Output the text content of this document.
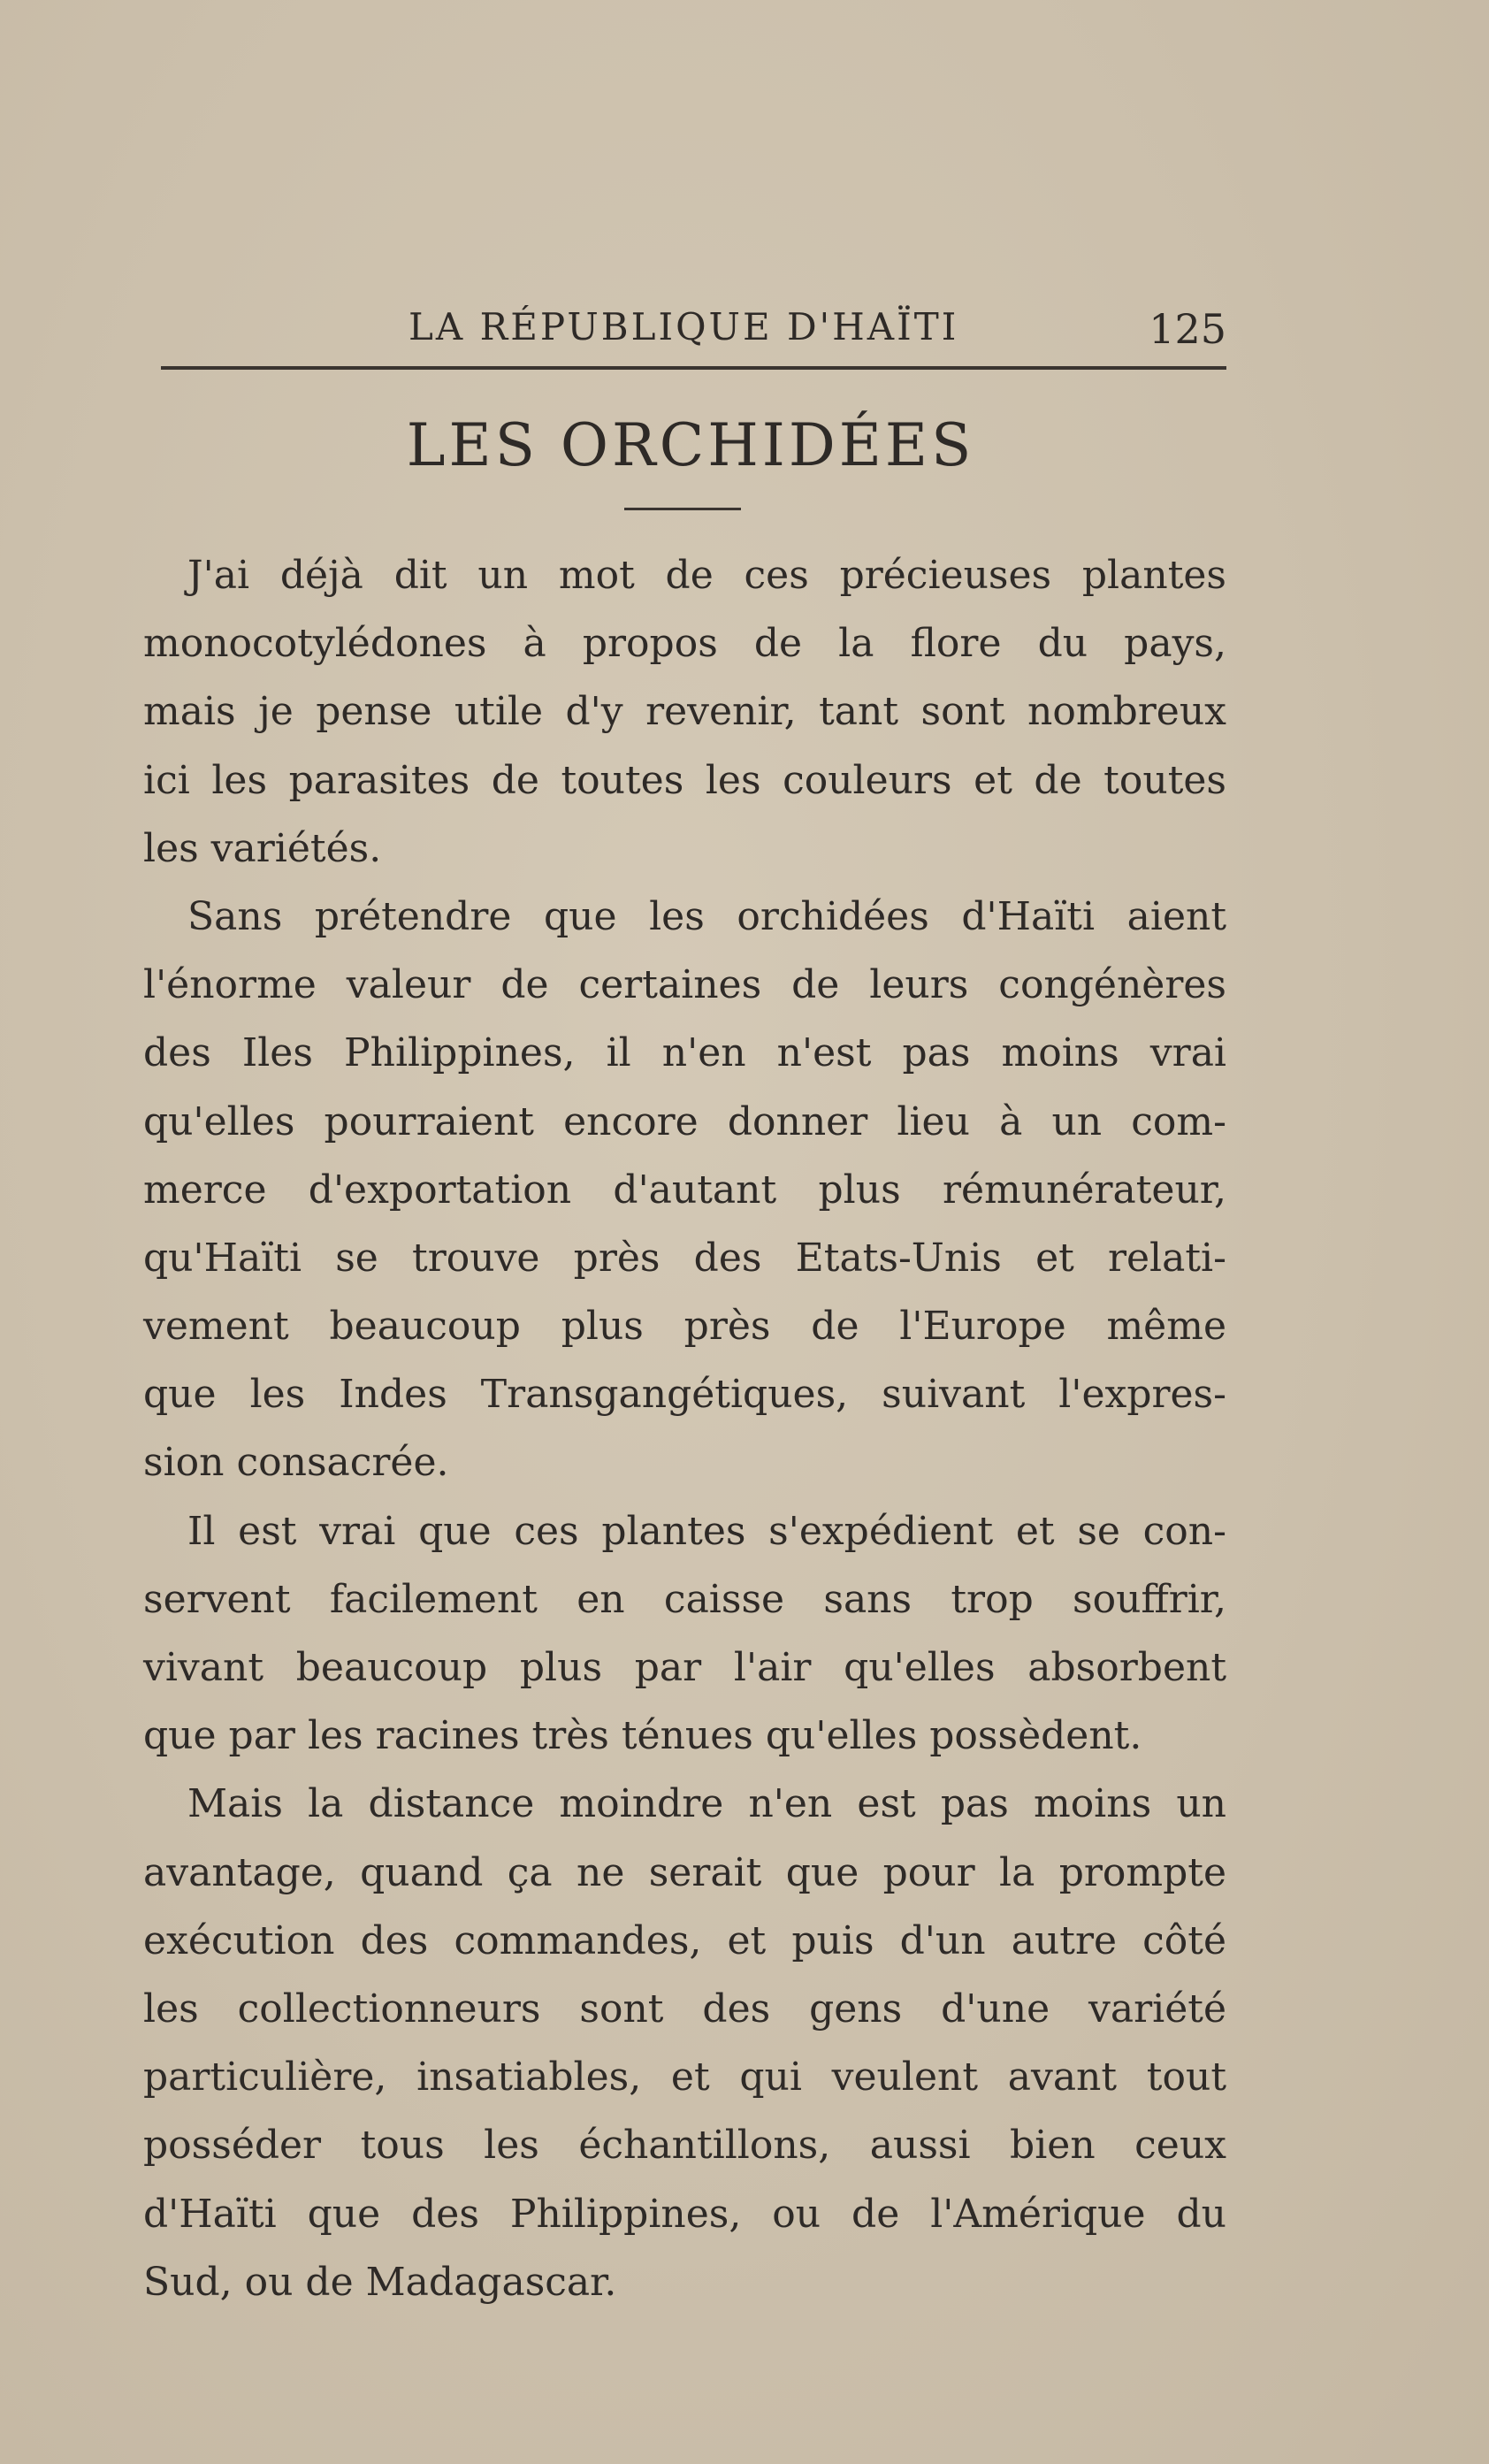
LA RÉPUBLIQUE D'HAÏTI	125
LES ORCHIDÉES
J'ai déjà dit un mot de ces précieuses plantes
monocotylédones à propos de la flore du pays,
mais je pense utile d'y revenir, tant sont nombreux
ici les parasites de toutes les couleurs et de toutes
les variétés.
Sans prétendre que les orchidées d'Haïti aient
l'énorme valeur de certaines de leurs congénères
des Iles Philippines, il n'en n'est pas moins vrai
qu'elles pourraient encore donner lieu à un com-
merce d'exportation d'autant plus rémunérateur,
qu'Haïti se trouve près des Etats-Unis et relati-
vement beaucoup plus près de l'Europe même
que les Indes Transgangétiques, suivant l'expres-
sion consacrée.
Il est vrai que ces plantes s'expédient et se con-
servent facilement en caisse sans trop souffrir,
vivant beaucoup plus par l'air qu'elles absorbent
que par les racines très ténues qu'elles possèdent.
Mais la distance moindre n'en est pas moins un
avantage, quand ça ne serait que pour la prompte
exécution des commandes, et puis d'un autre côté
les collectionneurs sont des gens d'une variété
particulière, insatiables, et qui veulent avant tout
posséder tous les échantillons, aussi bien ceux
d'Haïti que des Philippines, ou de l'Amérique du
Sud, ou de Madagascar.
